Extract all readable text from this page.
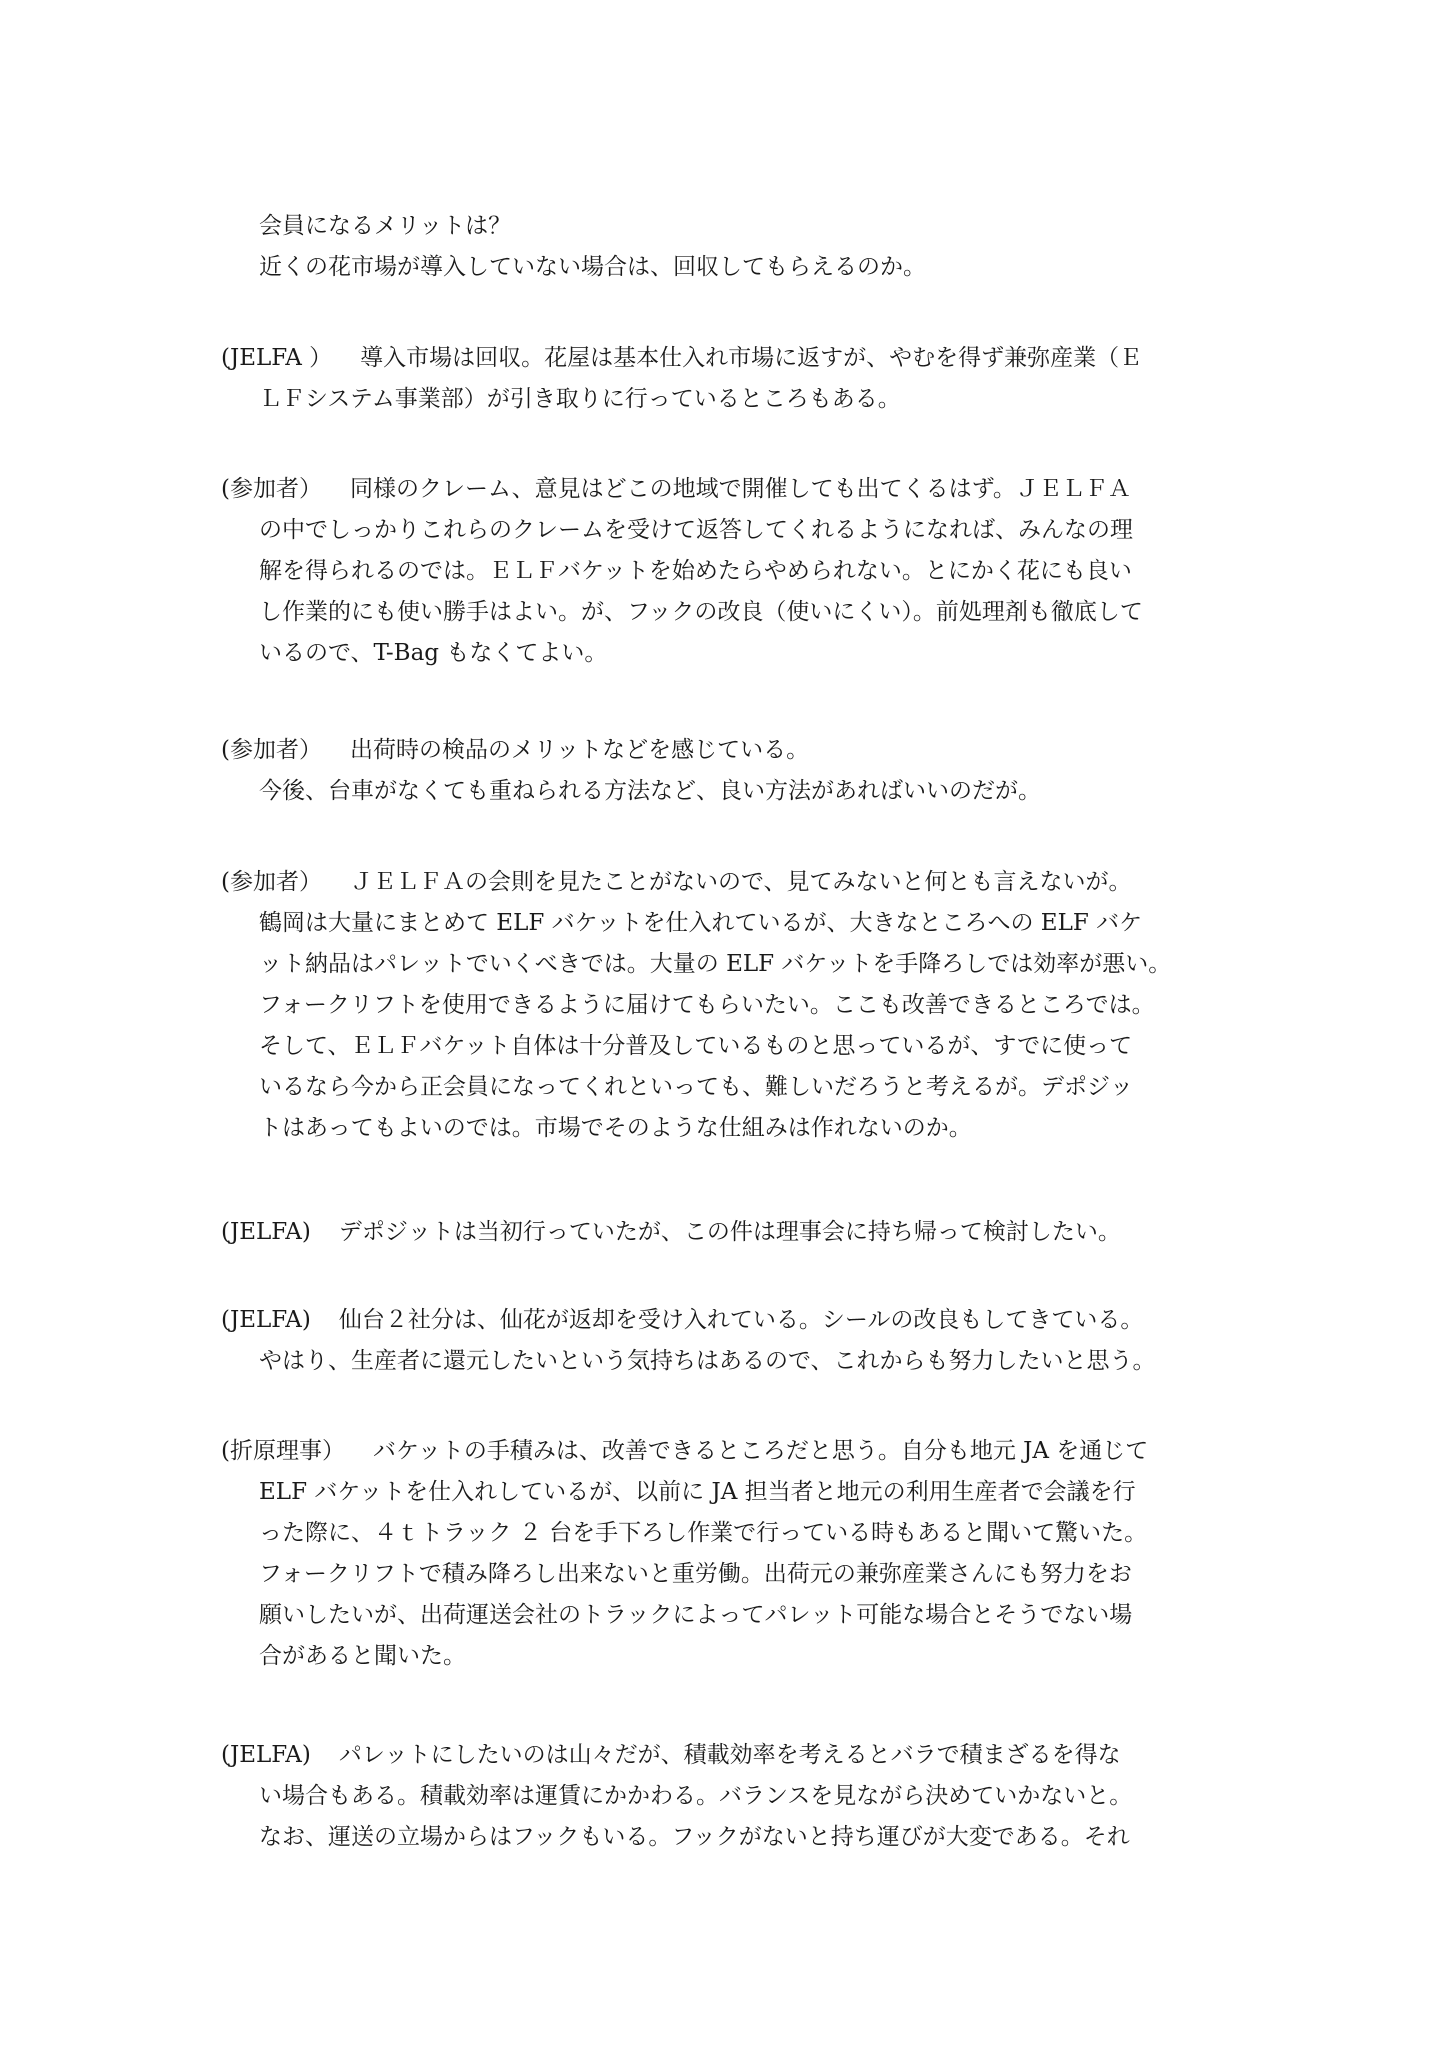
会員になるメリットは？
近くの花市場が導入していない場合は、回収してもらえるのか。
(JELFA ） 導入市場は回収。花屋は基本仕入れ市場に返すが、やむを得ず兼弥産業（Ｅ
ＬＦシステム事業部）が引き取りに行っているところもある。
(参加者） 同様のクレーム、意見はどこの地域で開催しても出てくるはず。ＪＥＬＦＡ
の中でしっかりこれらのクレームを受けて返答してくれるようになれば、みんなの理
解を得られるのでは。ＥＬＦバケットを始めたらやめられない。とにかく花にも良い
し作業的にも使い勝手はよい。が、フックの改良（使いにくい）。前処理剤も徹底して
いるので、T-Bag もなくてよい。
(参加者） 出荷時の検品のメリットなどを感じている。
今後、台車がなくても重ねられる方法など、良い方法があればいいのだが。
(参加者） ＪＥＬＦＡの会則を見たことがないので、見てみないと何とも言えないが。
鶴岡は大量にまとめて ELF バケットを仕入れているが、大きなところへの ELF バケ
ット納品はパレットでいくべきでは。大量の ELF バケットを手降ろしでは効率が悪い。
フォークリフトを使用できるように届けてもらいたい。ここも改善できるところでは。
そして、ＥＬＦバケット自体は十分普及しているものと思っているが、すでに使って
いるなら今から正会員になってくれといっても、難しいだろうと考えるが。デポジッ
トはあってもよいのでは。市場でそのような仕組みは作れないのか。
(JELFA) デポジットは当初行っていたが、この件は理事会に持ち帰って検討したい。
(JELFA) 仙台２社分は、仙花が返却を受け入れている。シールの改良もしてきている。
やはり、生産者に還元したいという気持ちはあるので、これからも努力したいと思う。
(折原理事） バケットの手積みは、改善できるところだと思う。自分も地元 JA を通じて
ELF バケットを仕入れしているが、以前に JA 担当者と地元の利用生産者で会議を行
った際に、４ｔトラック ２ 台を手下ろし作業で行っている時もあると聞いて驚いた。
フォークリフトで積み降ろし出来ないと重労働。出荷元の兼弥産業さんにも努力をお
願いしたいが、出荷運送会社のトラックによってパレット可能な場合とそうでない場
合があると聞いた。
(JELFA) パレットにしたいのは山々だが、積載効率を考えるとバラで積まざるを得な
い場合もある。積載効率は運賃にかかわる。バランスを見ながら決めていかないと。
なお、運送の立場からはフックもいる。フックがないと持ち運びが大変である。それ
